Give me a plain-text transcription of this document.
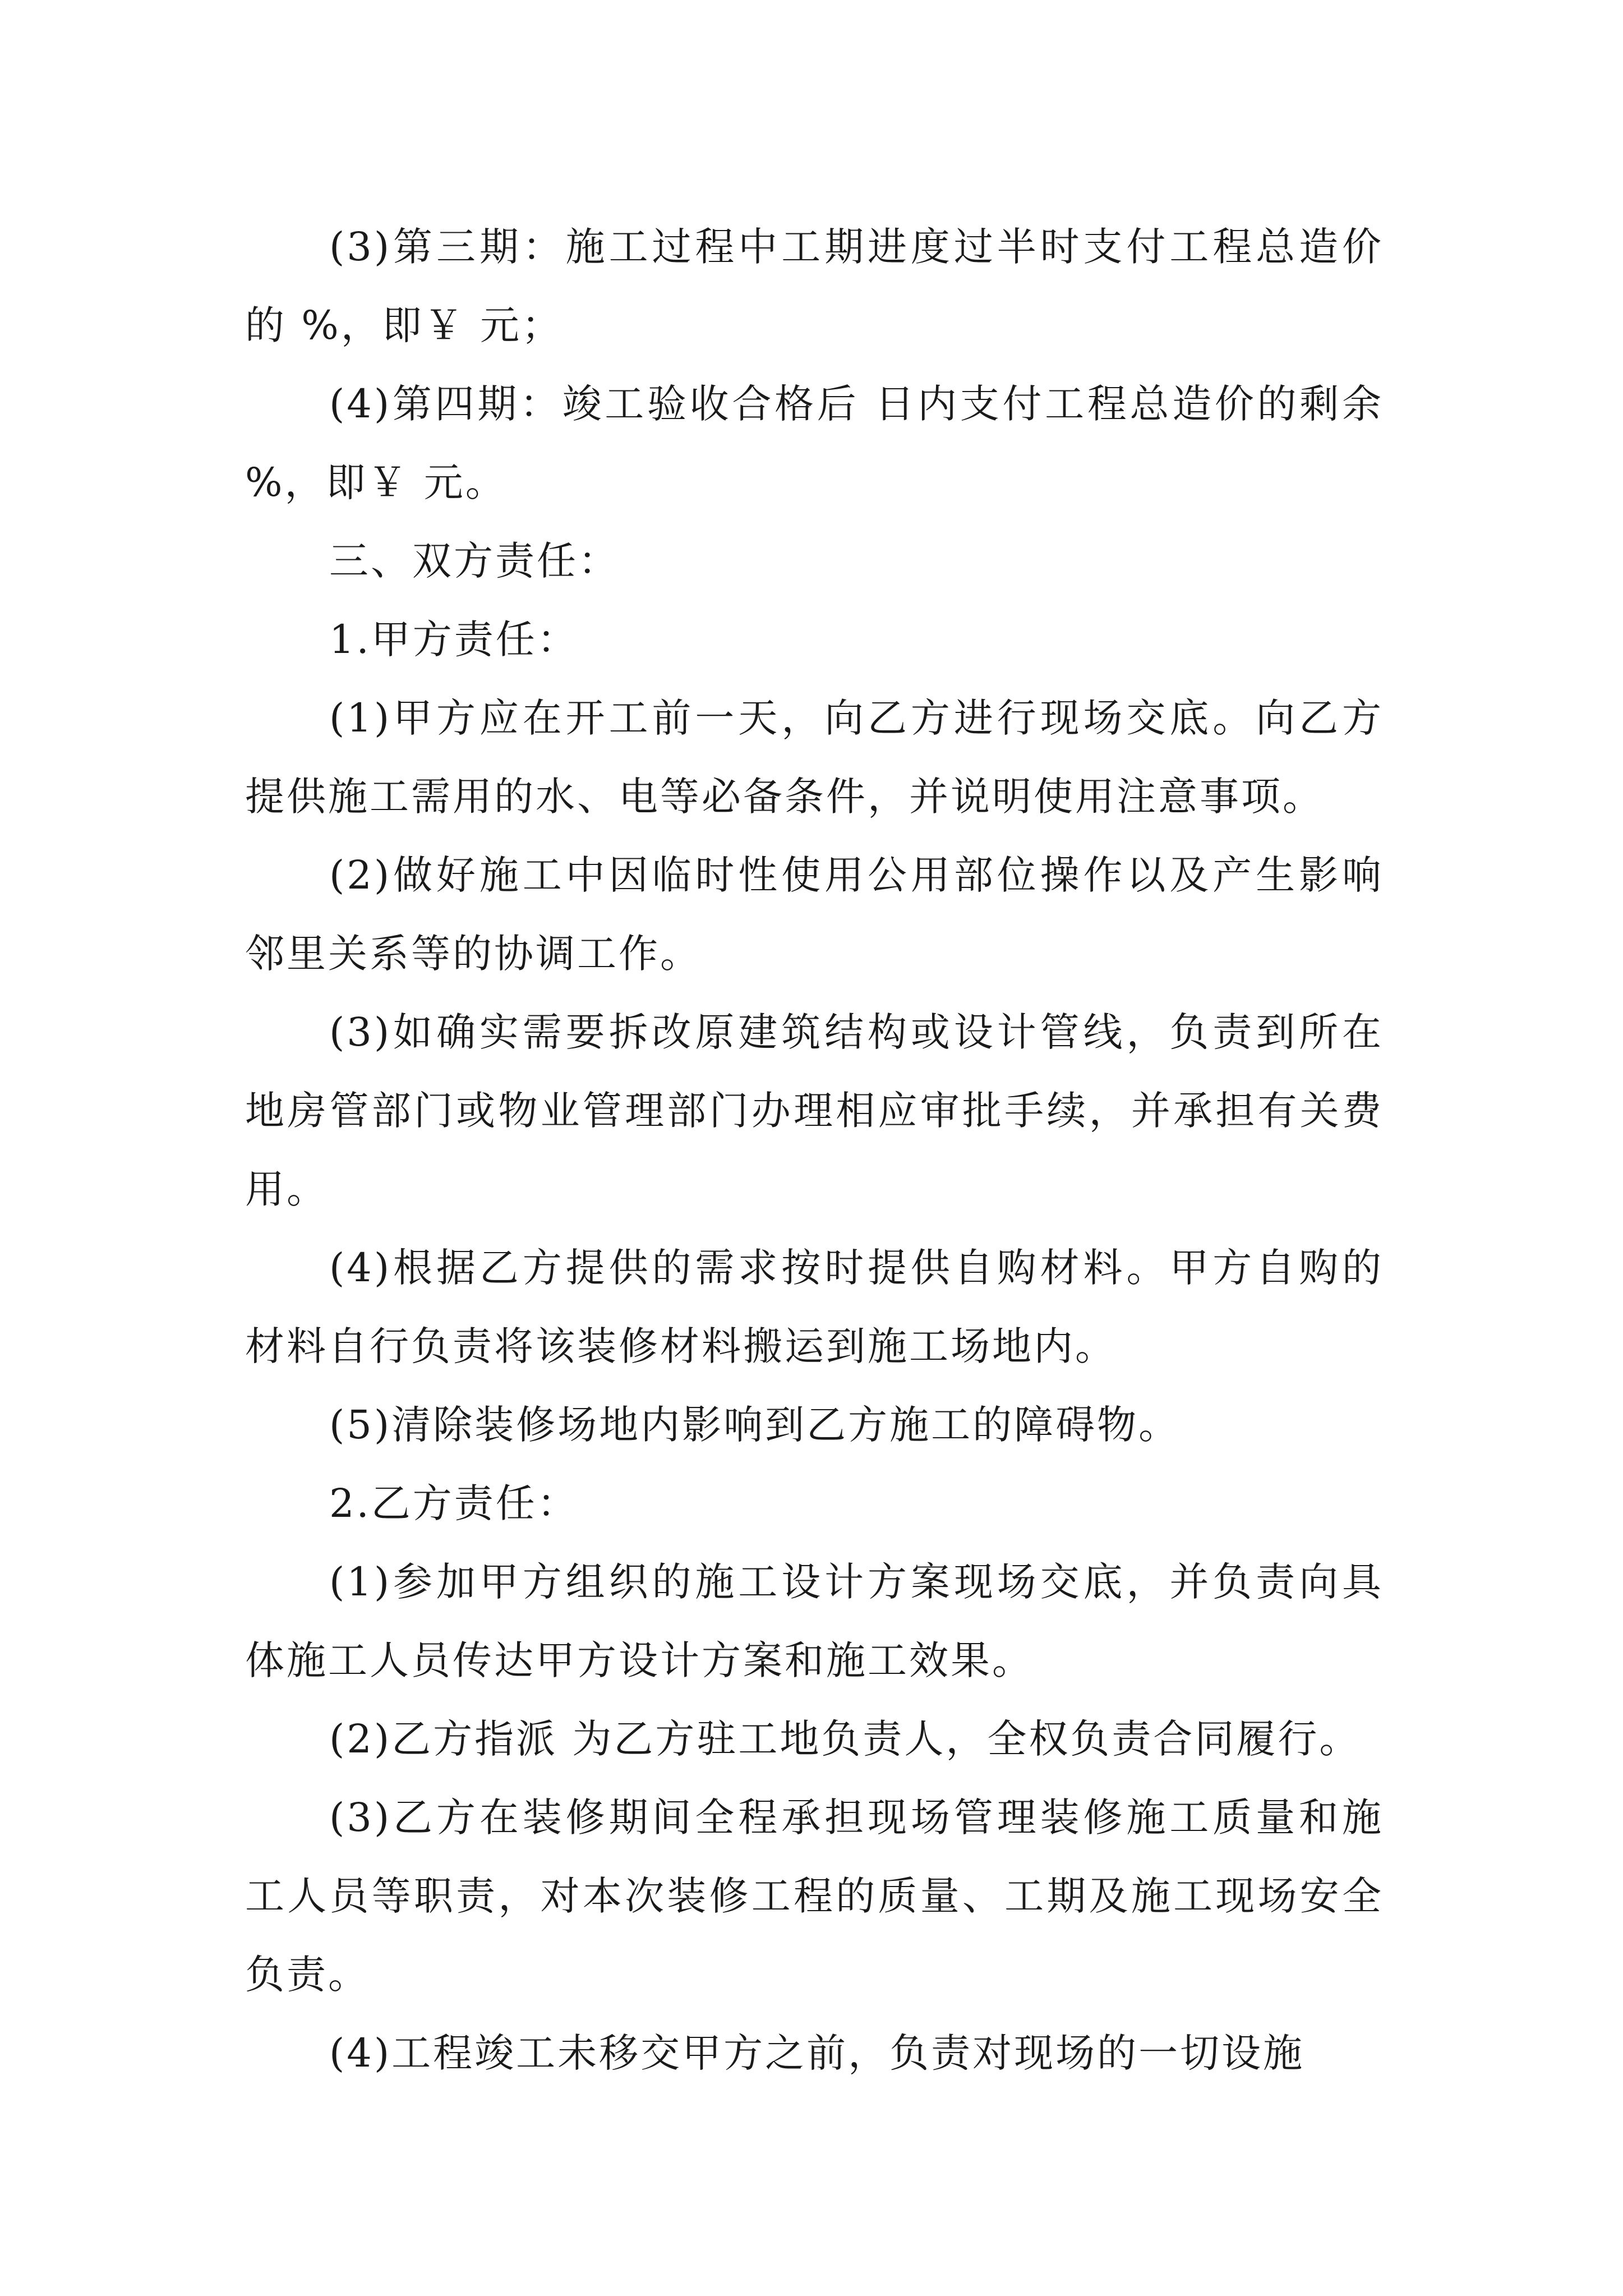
(3)第三期：施工过程中工期进度过半时支付工程总造价的 %，即￥ 元；

(4)第四期：竣工验收合格后 日内支付工程总造价的剩余 %，即￥ 元。

三、双方责任：

1.甲方责任：

(1)甲方应在开工前一天，向乙方进行现场交底。向乙方提供施工需用的水、电等必备条件，并说明使用注意事项。

(2)做好施工中因临时性使用公用部位操作以及产生影响邻里关系等的协调工作。

(3)如确实需要拆改原建筑结构或设计管线，负责到所在地房管部门或物业管理部门办理相应审批手续，并承担有关费用。

(4)根据乙方提供的需求按时提供自购材料。甲方自购的材料自行负责将该装修材料搬运到施工场地内。

(5)清除装修场地内影响到乙方施工的障碍物。

2.乙方责任：

(1)参加甲方组织的施工设计方案现场交底，并负责向具体施工人员传达甲方设计方案和施工效果。

(2)乙方指派 为乙方驻工地负责人，全权负责合同履行。

(3)乙方在装修期间全程承担现场管理装修施工质量和施工人员等职责，对本次装修工程的质量、工期及施工现场安全负责。

(4)工程竣工未移交甲方之前，负责对现场的一切设施
